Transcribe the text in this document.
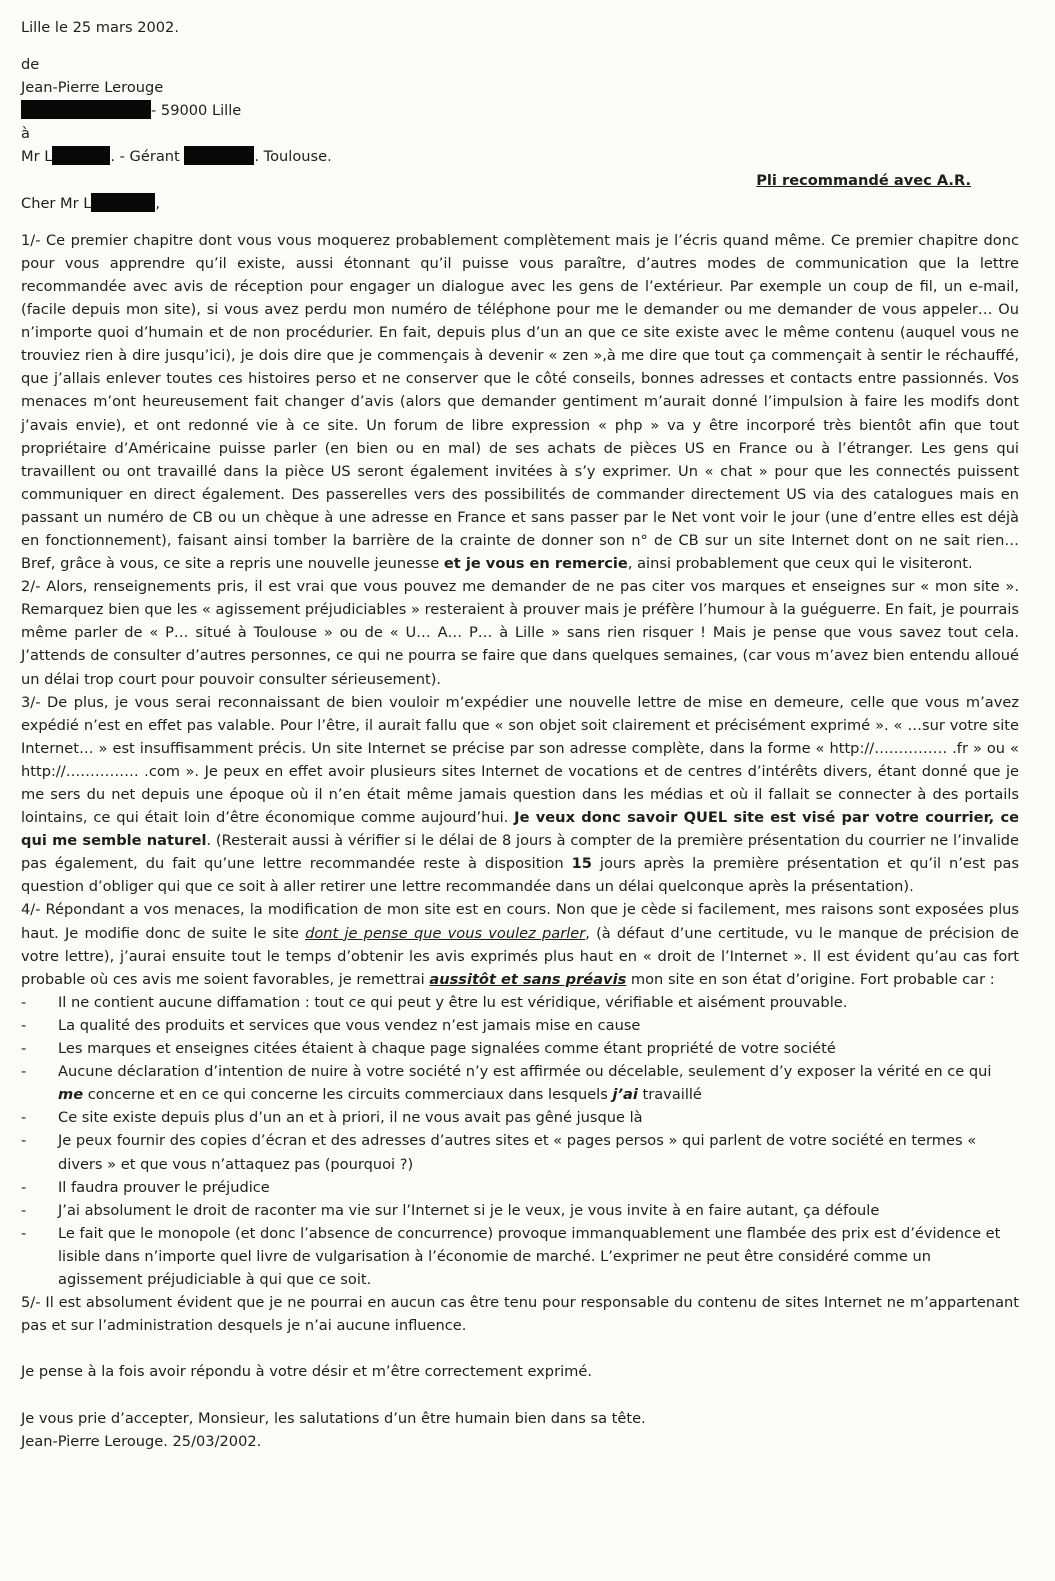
Lille le 25 mars 2002.
de
Jean-Pierre Lerouge
- 59000 Lille
à
Mr L	. - Gérant	. Toulouse.
Pli recommandé avec A.R.
Cher Mr L	,

1/- Ce premier chapitre dont vous vous moquerez probablement complètement mais je l’écris quand même. Ce premier chapitre donc pour vous apprendre qu’il existe, aussi étonnant qu’il puisse vous paraître, d’autres modes de communication que la lettre recommandée avec avis de réception pour engager un dialogue avec les gens de l’extérieur. Par exemple un coup de fil, un e-mail, (facile depuis mon site), si vous avez perdu mon numéro de téléphone pour me le demander ou me demander de vous appeler… Ou n’importe quoi d’humain et de non procédurier. En fait, depuis plus d’un an que ce site existe avec le même contenu (auquel vous ne trouviez rien à dire jusqu’ici), je dois dire que je commençais à devenir « zen »,à me dire que tout ça commençait à sentir le réchauffé, que j’allais enlever toutes ces histoires perso et ne conserver que le côté conseils, bonnes adresses et contacts entre passionnés. Vos menaces m’ont heureusement fait changer d’avis (alors que demander gentiment m’aurait donné l’impulsion à faire les modifs dont j’avais envie), et ont redonné vie à ce site. Un forum de libre expression « php » va y être incorporé très bientôt afin que tout propriétaire d’Américaine puisse parler (en bien ou en mal) de ses achats de pièces US en France ou à l’étranger. Les gens qui travaillent ou ont travaillé dans la pièce US seront également invitées à s’y exprimer. Un « chat » pour que les connectés puissent communiquer en direct également. Des passerelles vers des possibilités de commander directement US via des catalogues mais en passant un numéro de CB ou un chèque à une adresse en France et sans passer par le Net vont voir le jour (une d’entre elles est déjà en fonctionnement), faisant ainsi tomber la barrière de la crainte de donner son n° de CB sur un site Internet dont on ne sait rien… Bref, grâce à vous, ce site a repris une nouvelle jeunesse et je vous en remercie, ainsi probablement que ceux qui le visiteront.

2/- Alors, renseignements pris, il est vrai que vous pouvez me demander de ne pas citer vos marques et enseignes sur « mon site ». Remarquez bien que les « agissement préjudiciables » resteraient à prouver mais je préfère l’humour à la guéguerre. En fait, je pourrais même parler de « P… situé à Toulouse » ou de « U… A… P… à Lille » sans rien risquer ! Mais je pense que vous savez tout cela. J’attends de consulter d’autres personnes, ce qui ne pourra se faire que dans quelques semaines, (car vous m’avez bien entendu alloué un délai trop court pour pouvoir consulter sérieusement).

3/- De plus, je vous serai reconnaissant de bien vouloir m’expédier une nouvelle lettre de mise en demeure, celle que vous m’avez expédié n’est en effet pas valable. Pour l’être, il aurait fallu que « son objet soit clairement et précisément exprimé ». « …sur votre site Internet… » est insuffisamment précis. Un site Internet se précise par son adresse complète, dans la forme « http://…………… .fr » ou « http://…………… .com ». Je peux en effet avoir plusieurs sites Internet de vocations et de centres d’intérêts divers, étant donné que je me sers du net depuis une époque où il n’en était même jamais question dans les médias et où il fallait se connecter à des portails lointains, ce qui était loin d’être économique comme aujourd’hui. Je veux donc savoir QUEL site est visé par votre courrier, ce qui me semble naturel. (Resterait aussi à vérifier si le délai de 8 jours à compter de la première présentation du courrier ne l’invalide pas également, du fait qu’une lettre recommandée reste à disposition 15 jours après la première présentation et qu’il n’est pas question d’obliger qui que ce soit à aller retirer une lettre recommandée dans un délai quelconque après la présentation).

4/- Répondant a vos menaces, la modification de mon site est en cours. Non que je cède si facilement, mes raisons sont exposées plus haut. Je modifie donc de suite le site dont je pense que vous voulez parler, (à défaut d’une certitude, vu le manque de précision de votre lettre), j’aurai ensuite tout le temps d’obtenir les avis exprimés plus haut en « droit de l’Internet ». Il est évident qu’au cas fort probable où ces avis me soient favorables, je remettrai aussitôt et sans préavis mon site en son état d’origine. Fort probable car :

- Il ne contient aucune diffamation : tout ce qui peut y être lu est véridique, vérifiable et aisément prouvable.
- La qualité des produits et services que vous vendez n’est jamais mise en cause
- Les marques et enseignes citées étaient à chaque page signalées comme étant propriété de votre société
- Aucune déclaration d’intention de nuire à votre société n’y est affirmée ou décelable, seulement d’y exposer la vérité en ce qui me concerne et en ce qui concerne les circuits commerciaux dans lesquels j’ai travaillé
- Ce site existe depuis plus d’un an et à priori, il ne vous avait pas gêné jusque là
- Je peux fournir des copies d’écran et des adresses d’autres sites et « pages persos » qui parlent de votre société en termes « divers » et que vous n’attaquez pas (pourquoi ?)
- Il faudra prouver le préjudice
- J’ai absolument le droit de raconter ma vie sur l’Internet si je le veux, je vous invite à en faire autant, ça défoule
- Le fait que le monopole (et donc l’absence de concurrence) provoque immanquablement une flambée des prix est d’évidence et lisible dans n’importe quel livre de vulgarisation à l’économie de marché. L’exprimer ne peut être considéré comme un agissement préjudiciable à qui que ce soit.

5/- Il est absolument évident que je ne pourrai en aucun cas être tenu pour responsable du contenu de sites Internet ne m’appartenant pas et sur l’administration desquels je n’ai aucune influence.

Je pense à la fois avoir répondu à votre désir et m’être correctement exprimé.
Je vous prie d’accepter, Monsieur, les salutations d’un être humain bien dans sa tête.
Jean-Pierre Lerouge. 25/03/2002.
